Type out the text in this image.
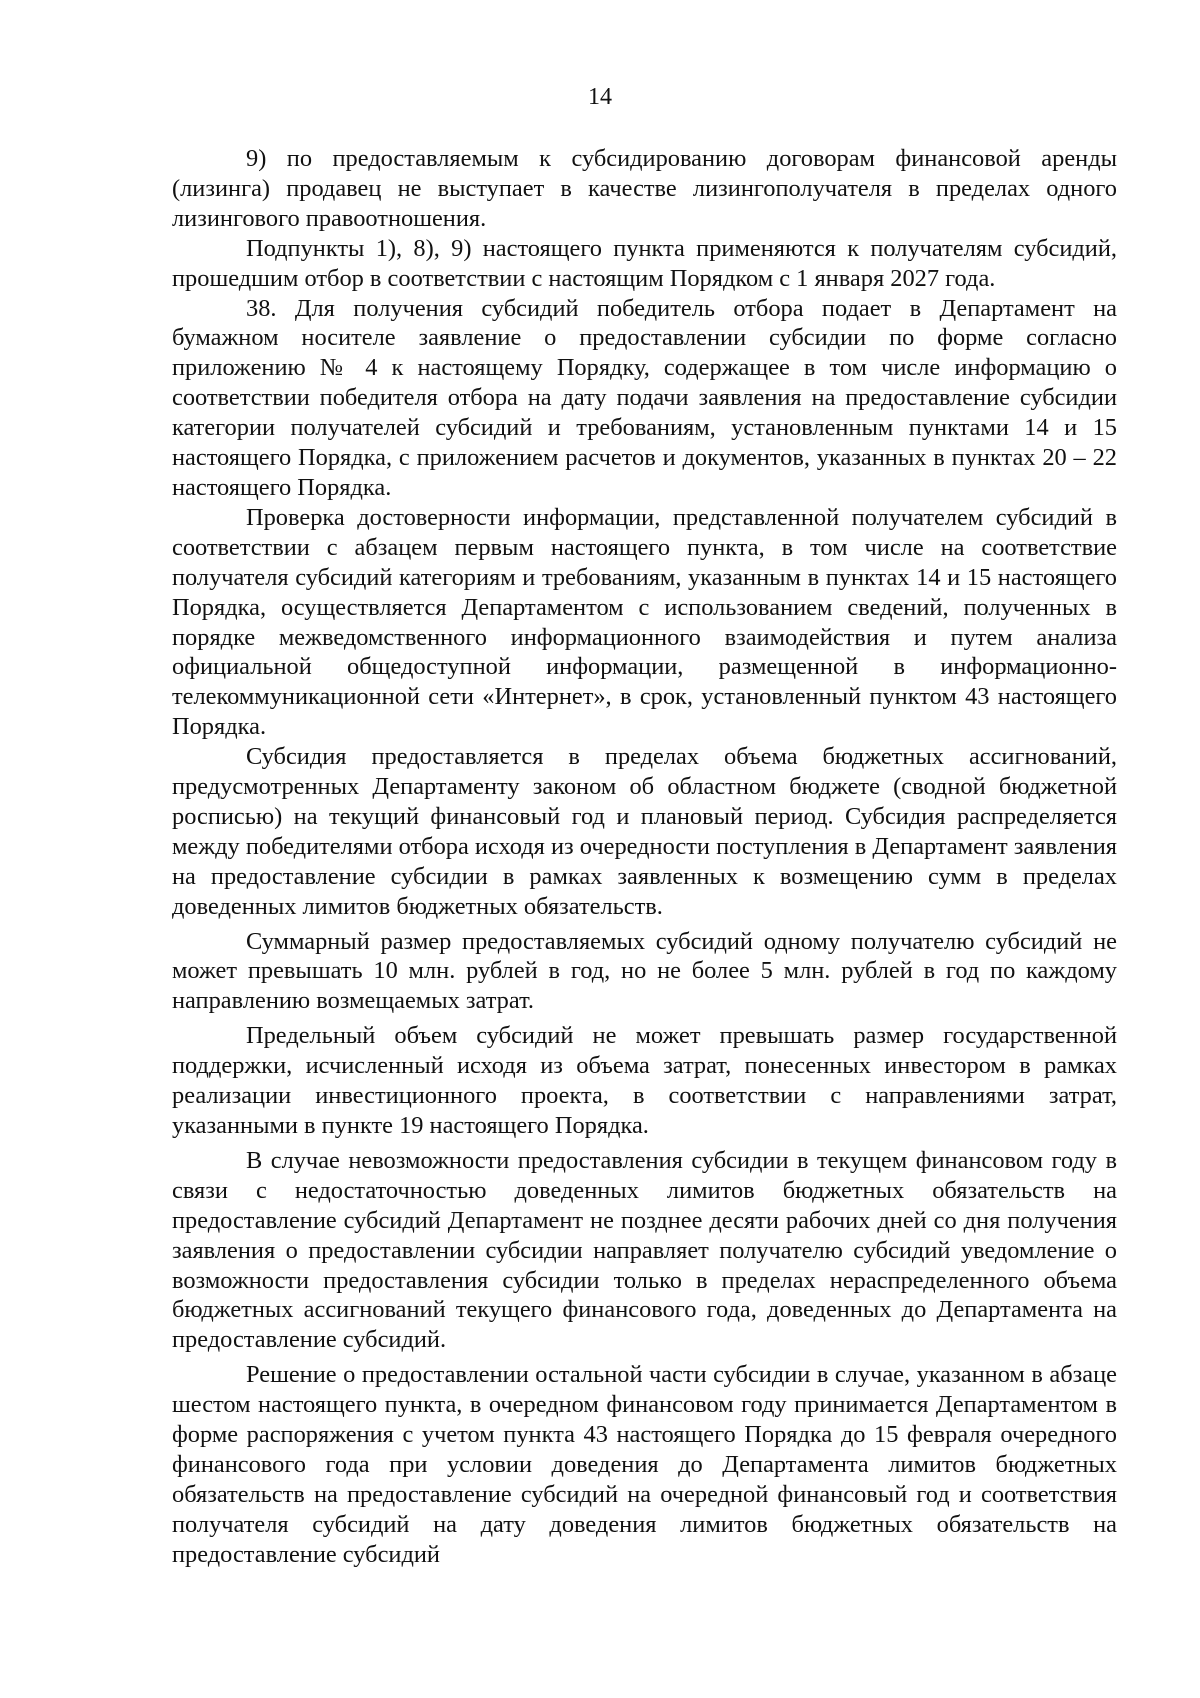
14

9) по предоставляемым к субсидированию договорам финансовой аренды (лизинга) продавец не выступает в качестве лизингополучателя в пределах одного лизингового правоотношения.

Подпункты 1), 8), 9) настоящего пункта применяются к получателям субсидий, прошедшим отбор в соответствии с настоящим Порядком с 1 января 2027 года.

38. Для получения субсидий победитель отбора подает в Департамент на бумажном носителе заявление о предоставлении субсидии по форме согласно приложению № 4 к настоящему Порядку, содержащее в том числе информацию о соответствии победителя отбора на дату подачи заявления на предоставление субсидии категории получателей субсидий и требованиям, установленным пунктами 14 и 15 настоящего Порядка, с приложением расчетов и документов, указанных в пунктах 20 – 22 настоящего Порядка.

Проверка достоверности информации, представленной получателем субсидий в соответствии с абзацем первым настоящего пункта, в том числе на соответствие получателя субсидий категориям и требованиям, указанным в пунктах 14 и 15 настоящего Порядка, осуществляется Департаментом с использованием сведений, полученных в порядке межведомственного информационного взаимодействия и путем анализа официальной общедоступной информации, размещенной в информационно-телекоммуникационной сети «Интернет», в срок, установленный пунктом 43 настоящего Порядка.

Субсидия предоставляется в пределах объема бюджетных ассигнований, предусмотренных Департаменту законом об областном бюджете (сводной бюджетной росписью) на текущий финансовый год и плановый период. Субсидия распределяется между победителями отбора исходя из очередности поступления в Департамент заявления на предоставление субсидии в рамках заявленных к возмещению сумм в пределах доведенных лимитов бюджетных обязательств.

Суммарный размер предоставляемых субсидий одному получателю субсидий не может превышать 10 млн. рублей в год, но не более 5 млн. рублей в год по каждому направлению возмещаемых затрат.

Предельный объем субсидий не может превышать размер государственной поддержки, исчисленный исходя из объема затрат, понесенных инвестором в рамках реализации инвестиционного проекта, в соответствии с направлениями затрат, указанными в пункте 19 настоящего Порядка.

В случае невозможности предоставления субсидии в текущем финансовом году в связи с недостаточностью доведенных лимитов бюджетных обязательств на предоставление субсидий Департамент не позднее десяти рабочих дней со дня получения заявления о предоставлении субсидии направляет получателю субсидий уведомление о возможности предоставления субсидии только в пределах нераспределенного объема бюджетных ассигнований текущего финансового года, доведенных до Департамента на предоставление субсидий.

Решение о предоставлении остальной части субсидии в случае, указанном в абзаце шестом настоящего пункта, в очередном финансовом году принимается Департаментом в форме распоряжения с учетом пункта 43 настоящего Порядка до 15 февраля очередного финансового года при условии доведения до Департамента лимитов бюджетных обязательств на предоставление субсидий на очередной финансовый год и соответствия получателя субсидий на дату доведения лимитов бюджетных обязательств на предоставление субсидий
